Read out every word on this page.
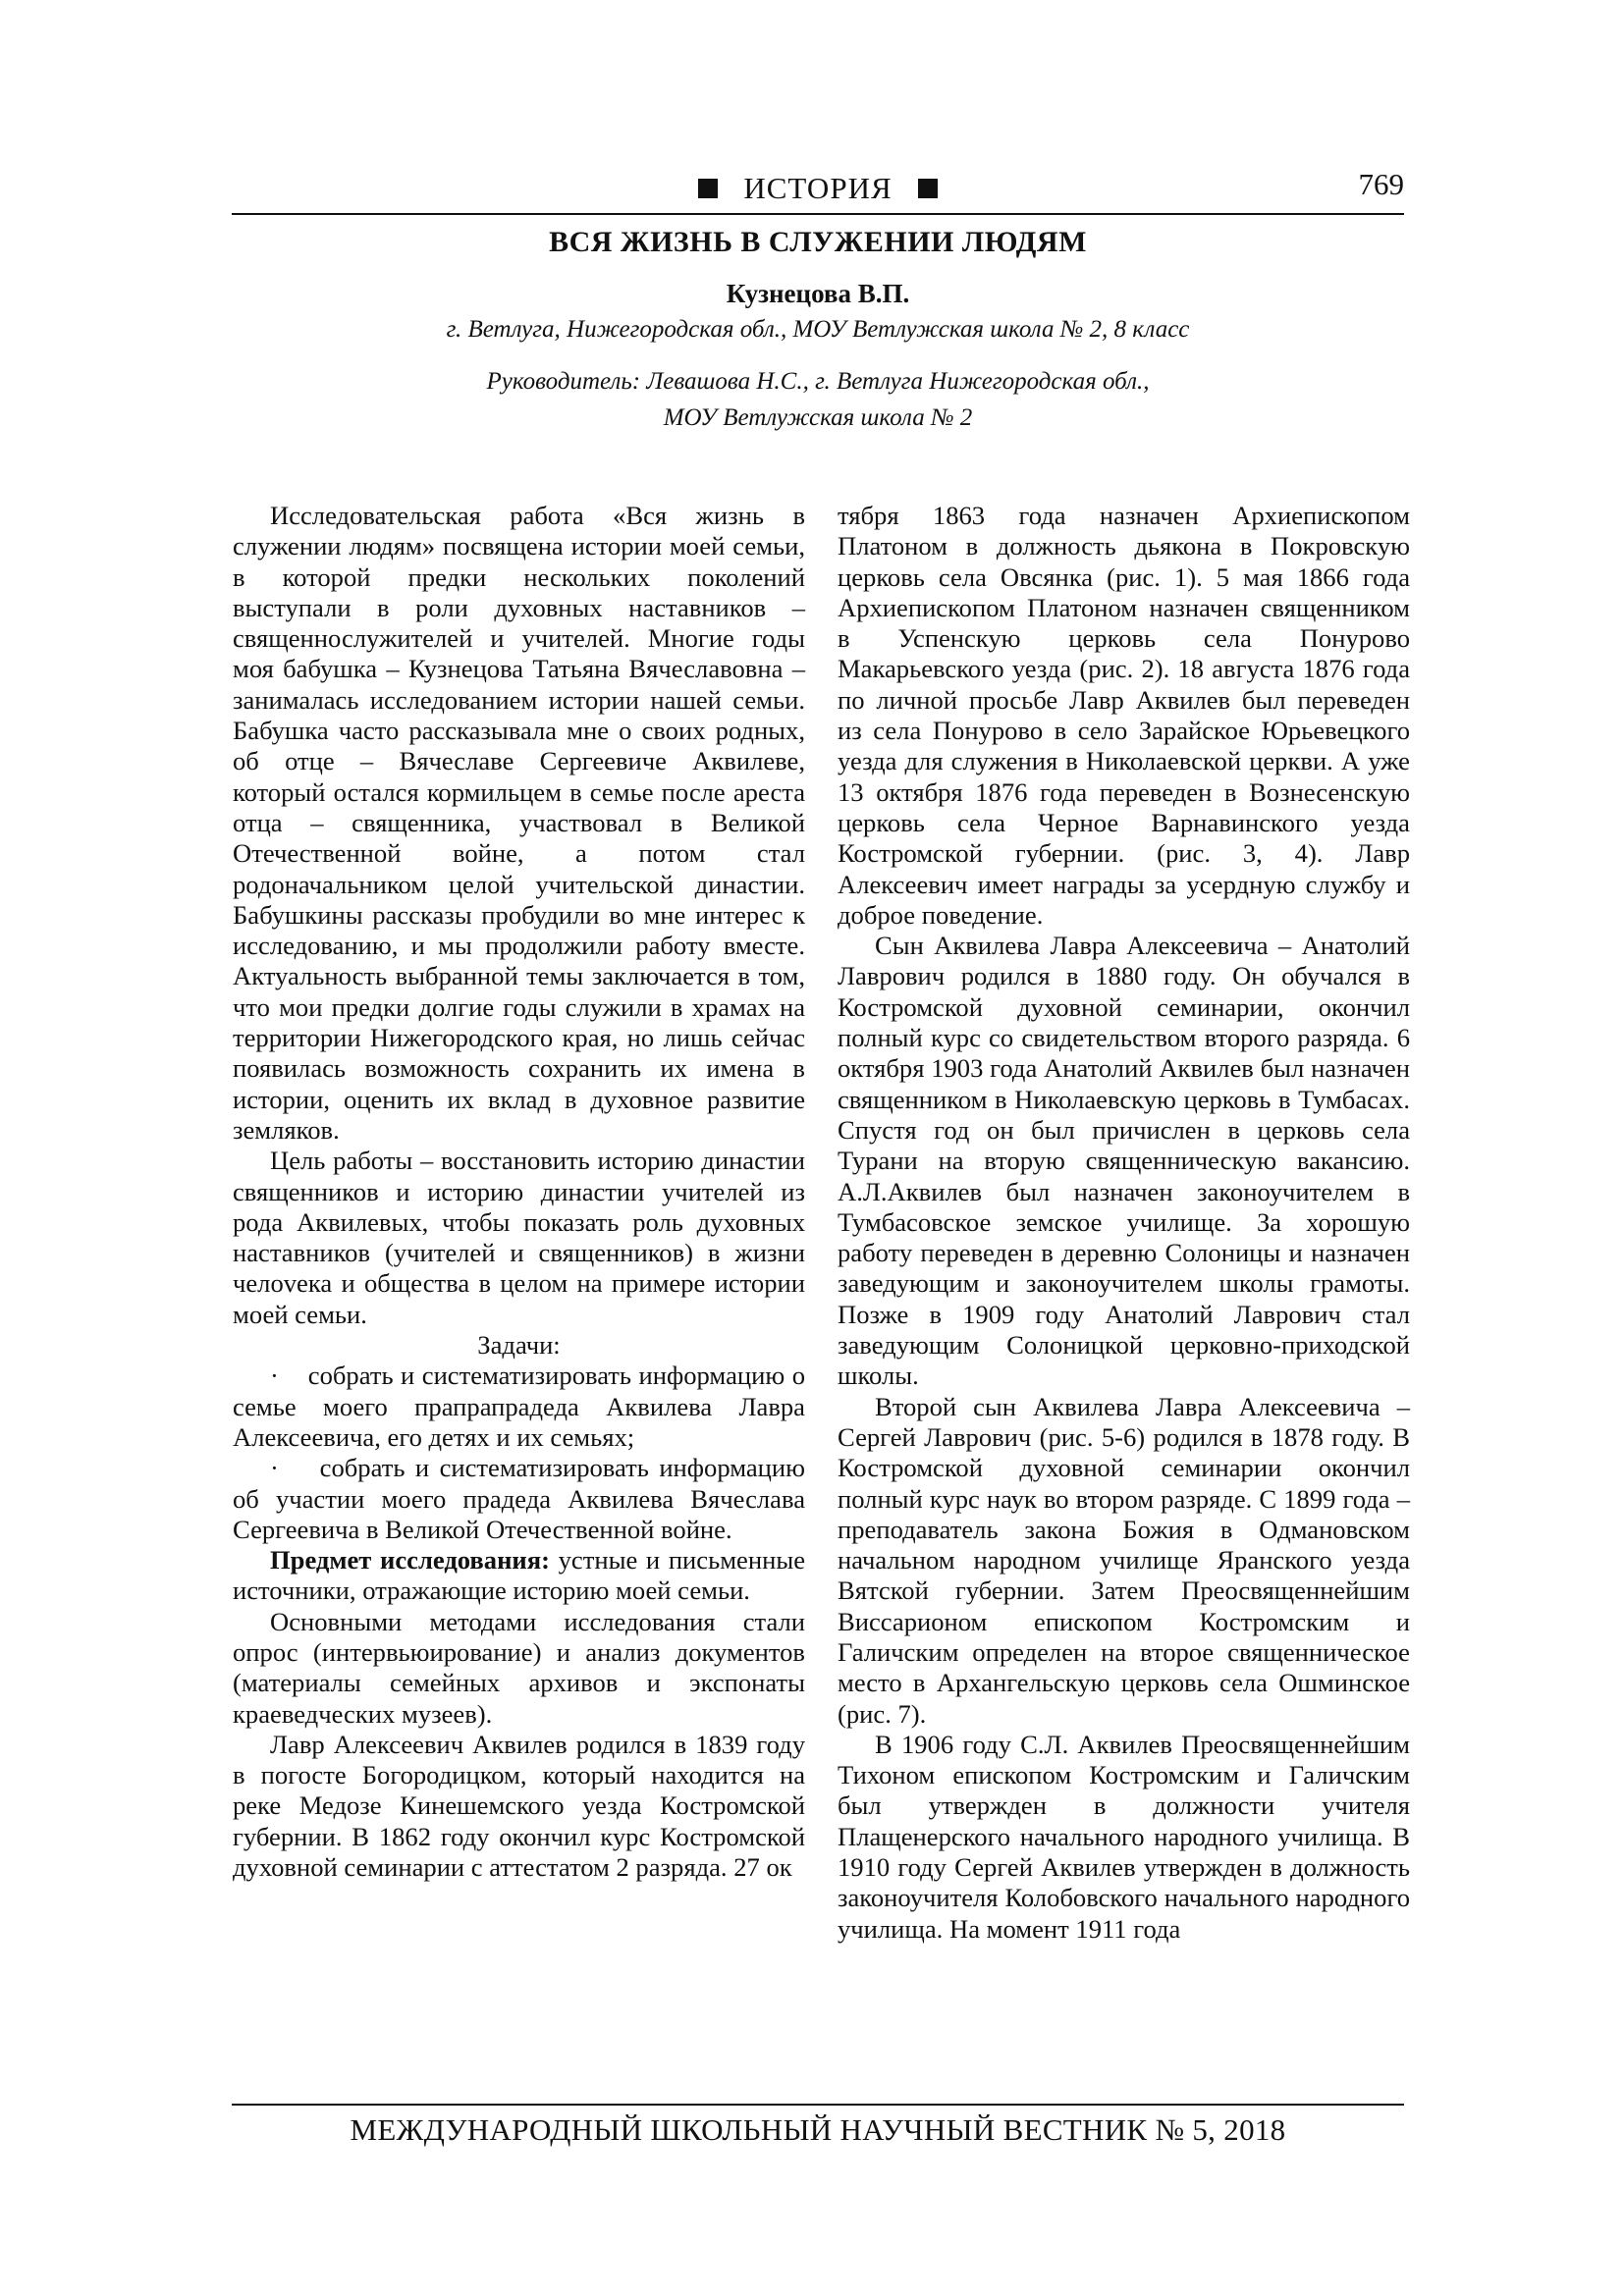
ИСТОРИЯ	769
ВСЯ ЖИЗНЬ В СЛУЖЕНИИ ЛЮДЯМ
Кузнецова В.П.
г. Ветлуга, Нижегородская обл., МОУ Ветлужская школа № 2, 8 класс
Руководитель: Левашова Н.С., г. Ветлуга Нижегородская обл.,
МОУ Ветлужская школа № 2

Исследовательская работа «Вся жизнь в служении людям» посвящена истории моей семьи, в которой предки нескольких поколений выступали в роли духовных наставников – священнослужителей и учителей. Многие годы моя бабушка – Кузнецова Татьяна Вячеславовна – занималась исследованием истории нашей семьи. Бабушка часто рассказывала мне о своих родных, об отце – Вячеславе Сергеевиче Аквилеве, который остался кормильцем в семье после ареста отца – священника, участвовал в Великой Отечественной войне, а потом стал родоначальником целой учительской династии. Бабушкины рассказы пробудили во мне интерес к исследованию, и мы продолжили работу вместе. Актуальность выбранной темы заключается в том, что мои предки долгие годы служили в храмах на территории Нижегородского края, но лишь сейчас появилась возможность сохранить их имена в истории, оценить их вклад в духовное развитие земляков.

Цель работы – восстановить историю династии священников и историю династии учителей из рода Аквилевых, чтобы показать роль духовных наставников (учителей и священников) в жизни челоvека и общества в целом на примере истории моей семьи.

Задачи:

·    собрать и систематизировать информацию о семье моего прапрапрадеда Аквилева Лавра Алексеевича, его детях и их семьях;

·    собрать и систематизировать информацию об участии моего прадеда Аквилева Вячеслава Сергеевича в Великой Отечественной войне.

Предмет исследования: устные и письменные источники, отражающие историю моей семьи.

Основными методами исследования стали опрос (интервьюирование) и анализ документов (материалы семейных архивов и экспонаты краеведческих музеев).

Лавр Алексеевич Аквилев родился в 1839 году в погосте Богородицком, который находится на реке Медозе Кинешемского уезда Костромской губернии. В 1862 году окончил курс Костромской духовной семинарии с аттестатом 2 разряда. 27 ок

тября 1863 года назначен Архиепископом Платоном в должность дьякона в Покровскую церковь села Овсянка (рис. 1). 5 мая 1866 года Архиепископом Платоном назначен священником в Успенскую церковь села Понурово Макарьевского уезда (рис. 2). 18 августа 1876 года по личной просьбе Лавр Аквилев был переведен из села Понурово в село Зарайское Юрьевецкого уезда для служения в Николаевской церкви. А уже 13 октября 1876 года переведен в Вознесенскую церковь села Черное Варнавинского уезда Костромской губернии. (рис. 3, 4). Лавр Алексеевич имеет награды за усердную службу и доброе поведение.

Сын Аквилева Лавра Алексеевича – Анатолий Лаврович родился в 1880 году. Он обучался в Костромской духовной семинарии, окончил полный курс со свидетельством второго разряда. 6 октября 1903 года Анатолий Аквилев был назначен священником в Николаевскую церковь в Тумбасах. Спустя год он был причислен в церковь села Турани на вторую священническую вакансию. А.Л.Аквилев был назначен законоучителем в Тумбасовское земское училище. За хорошую работу переведен в деревню Солоницы и назначен заведующим и законоучителем школы грамоты. Позже в 1909 году Анатолий Лаврович стал заведующим Солоницкой церковно-приходской школы.

Второй сын Аквилева Лавра Алексеевича – Сергей Лаврович (рис. 5-6) родился в 1878 году. В Костромской духовной семинарии окончил полный курс наук во втором разряде. С 1899 года – преподаватель закона Божия в Одмановском начальном народном училище Яранского уезда Вятской губернии. Затем Преосвященнейшим Виссарионом епископом Костромским и Галичским определен на второе священническое место в Архангельскую церковь села Ошминское (рис. 7).

В 1906 году С.Л. Аквилев Преосвященнейшим Тихоном епископом Костромским и Галичским был утвержден в должности учителя Плащенерского начального народного училища. В 1910 году Сергей Аквилев утвержден в должность законоучителя Колобовского начального народного училища. На момент 1911 года

МЕЖДУНАРОДНЫЙ ШКОЛЬНЫЙ НАУЧНЫЙ ВЕСТНИК № 5, 2018
